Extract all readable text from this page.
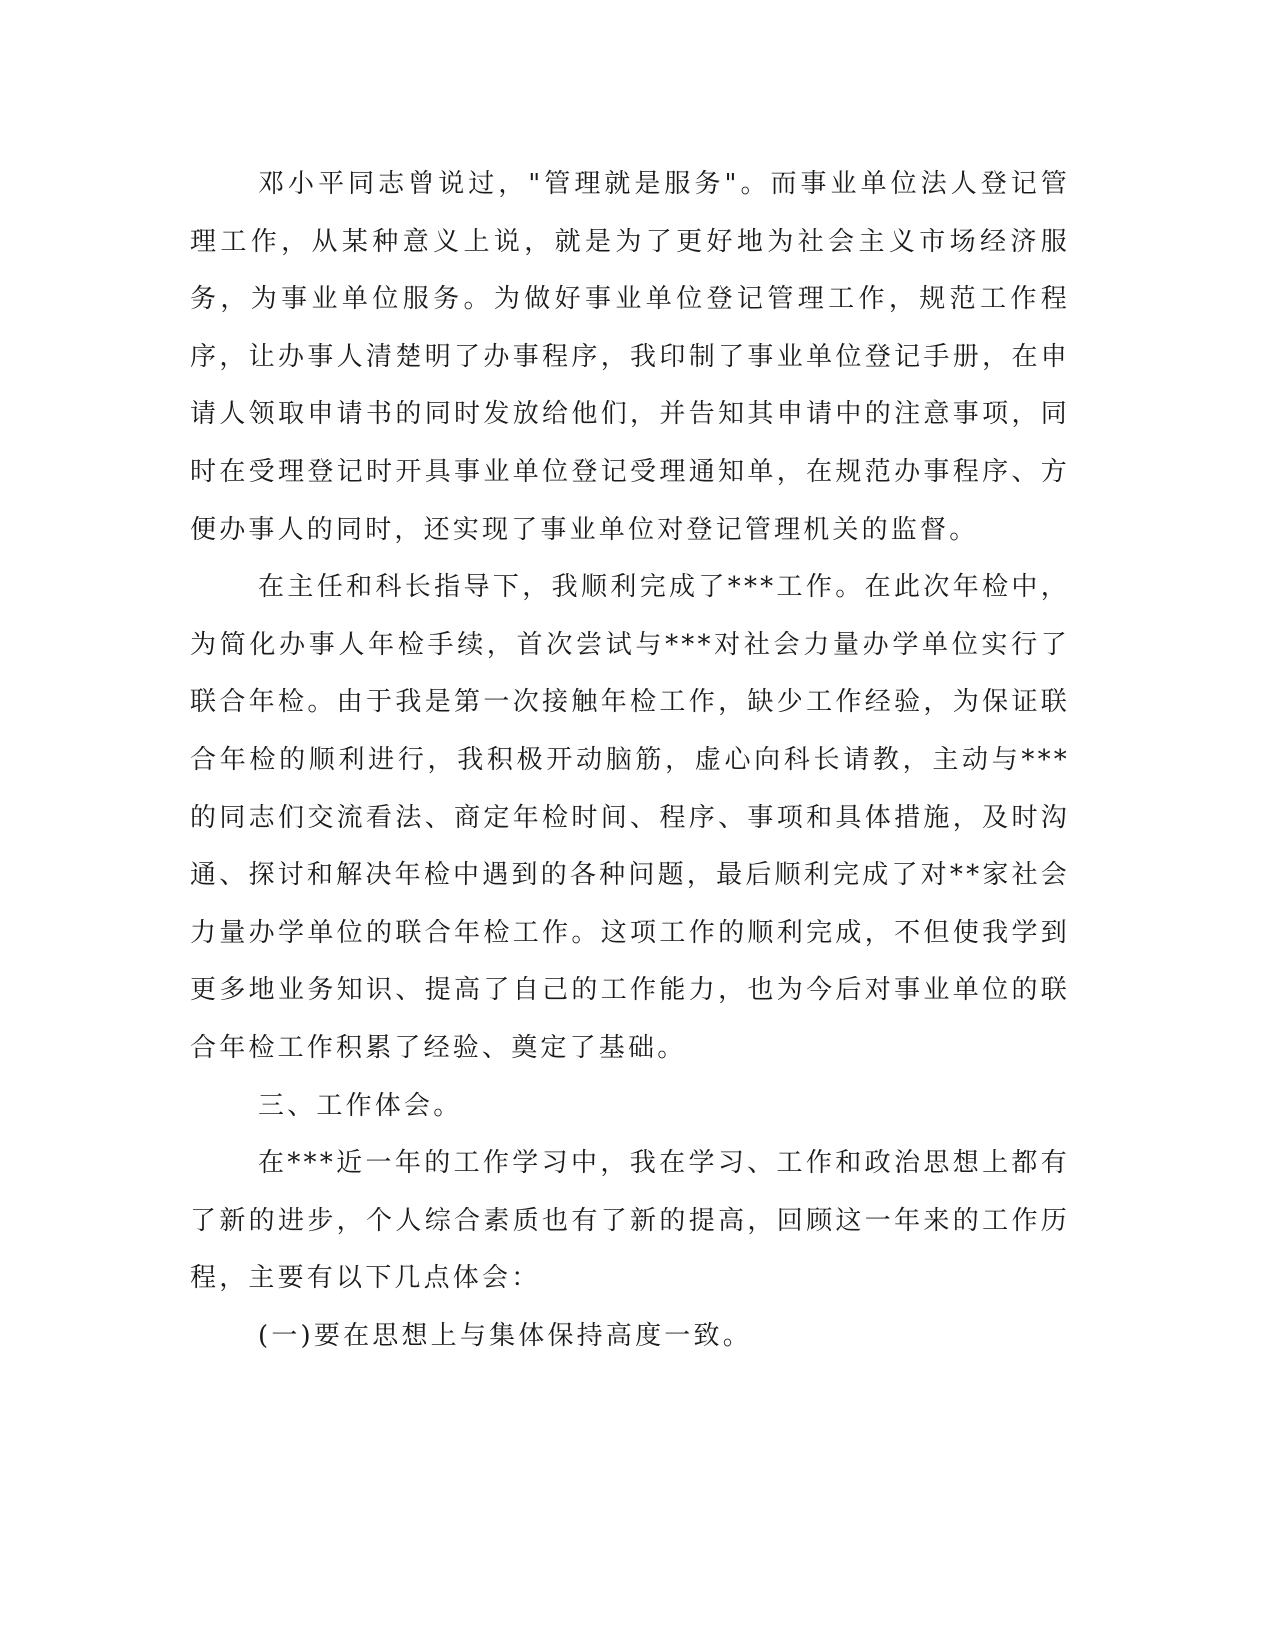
邓小平同志曾说过，"管理就是服务"。而事业单位法人登记管理工作，从某种意义上说，就是为了更好地为社会主义市场经济服务，为事业单位服务。为做好事业单位登记管理工作，规范工作程序，让办事人清楚明了办事程序，我印制了事业单位登记手册，在申请人领取申请书的同时发放给他们，并告知其申请中的注意事项，同时在受理登记时开具事业单位登记受理通知单，在规范办事程序、方便办事人的同时，还实现了事业单位对登记管理机关的监督。

在主任和科长指导下，我顺利完成了***工作。在此次年检中，为简化办事人年检手续，首次尝试与***对社会力量办学单位实行了联合年检。由于我是第一次接触年检工作，缺少工作经验，为保证联合年检的顺利进行，我积极开动脑筋，虚心向科长请教，主动与***的同志们交流看法、商定年检时间、程序、事项和具体措施，及时沟通、探讨和解决年检中遇到的各种问题，最后顺利完成了对**家社会力量办学单位的联合年检工作。这项工作的顺利完成，不但使我学到更多地业务知识、提高了自己的工作能力，也为今后对事业单位的联合年检工作积累了经验、奠定了基础。

三、工作体会。

在***近一年的工作学习中，我在学习、工作和政治思想上都有了新的进步，个人综合素质也有了新的提高，回顾这一年来的工作历程，主要有以下几点体会：

(一)要在思想上与集体保持高度一致。
